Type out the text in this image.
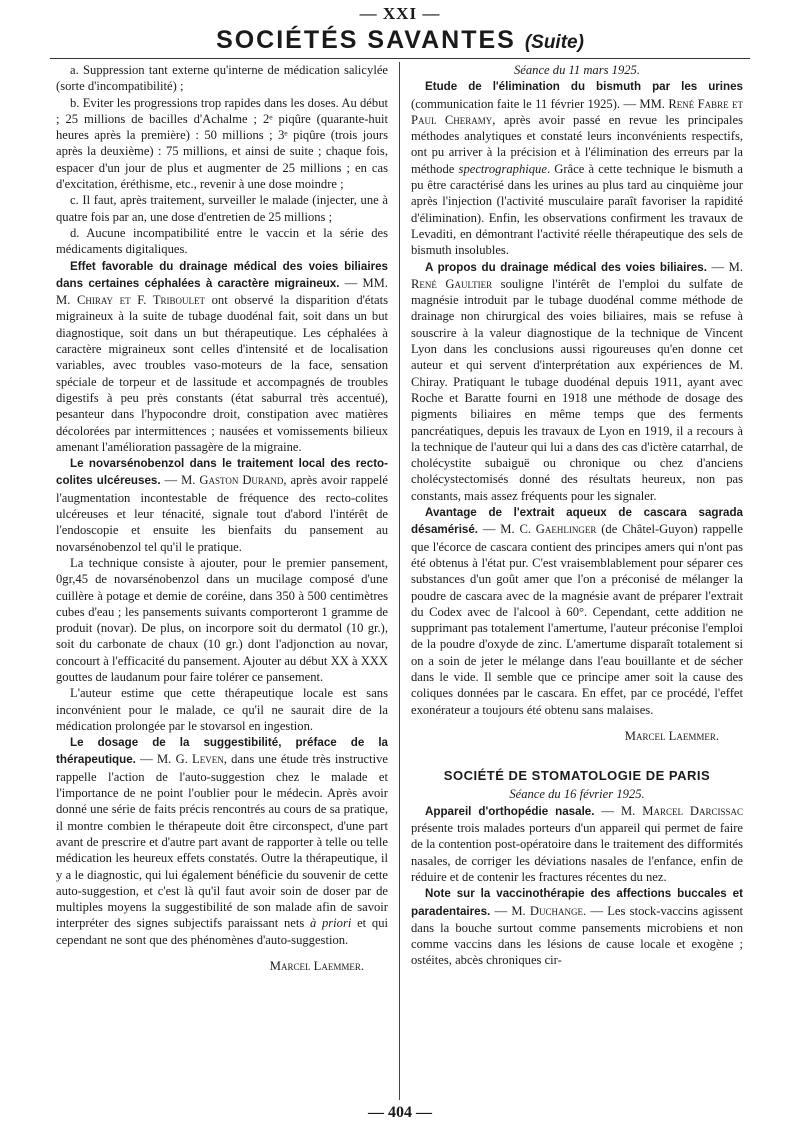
— XXI —
SOCIÉTÉS SAVANTES (Suite)

a. Suppression tant externe qu'interne de médication salicylée (sorte d'incompatibilité) ;

b. Eviter les progressions trop rapides dans les doses. Au début ; 25 millions de bacilles d'Achalme ; 2ᵉ piqûre (quarante-huit heures après la première) : 50 millions ; 3ᵉ piqûre (trois jours après la deuxième) : 75 millions, et ainsi de suite ; chaque fois, espacer d'un jour de plus et augmenter de 25 millions ; en cas d'excitation, éréthisme, etc., revenir à une dose moindre ;

c. Il faut, après traitement, surveiller le malade (injecter, une à quatre fois par an, une dose d'entretien de 25 millions ;

d. Aucune incompatibilité entre le vaccin et la série des médicaments digitaliques.

Effet favorable du drainage médical des voies biliaires dans certaines céphalées à caractère migraineux. — MM. M. Chiray et F. Triboulet ont observé la disparition d'états migraineux à la suite de tubage duodénal fait, soit dans un but diagnostique, soit dans un but thérapeutique. Les céphalées à caractère migraineux sont celles d'intensité et de localisation variables, avec troubles vaso-moteurs de la face, sensation spéciale de torpeur et de lassitude et accompagnés de troubles digestifs à peu près constants (état saburral très accentué), pesanteur dans l'hypocondre droit, constipation avec matières décolorées par intermittences ; nausées et vomissements bilieux amenant l'amélioration passagère de la migraine.

Le novarsénobenzol dans le traitement local des recto-colites ulcéreuses. — M. Gaston Durand, après avoir rappelé l'augmentation incontestable de fréquence des recto-colites ulcéreuses et leur ténacité, signale tout d'abord l'intérêt de l'endoscopie et ensuite les bienfaits du pansement au novarsénobenzol tel qu'il le pratique.

La technique consiste à ajouter, pour le premier pansement, 0gr,45 de novarsénobenzol dans un mucilage composé d'une cuillère à potage et demie de coréine, dans 350 à 500 centimètres cubes d'eau ; les pansements suivants comporteront 1 gramme de produit (novar). De plus, on incorpore soit du dermatol (10 gr.), soit du carbonate de chaux (10 gr.) dont l'adjonction au novar, concourt à l'efficacité du pansement. Ajouter au début XX à XXX gouttes de laudanum pour faire tolérer ce pansement.

L'auteur estime que cette thérapeutique locale est sans inconvénient pour le malade, ce qu'il ne saurait dire de la médication prolongée par le stovarsol en ingestion.

Le dosage de la suggestibilité, préface de la thérapeutique. — M. G. Leven, dans une étude très instructive rappelle l'action de l'auto-suggestion chez le malade et l'importance de ne point l'oublier pour le médecin. Après avoir donné une série de faits précis rencontrés au cours de sa pratique, il montre combien le thérapeute doit être circonspect, d'une part avant de prescrire et d'autre part avant de rapporter à telle ou telle médication les heureux effets constatés. Outre la thérapeutique, il y a le diagnostic, qui lui également bénéficie du souvenir de cette auto-suggestion, et c'est là qu'il faut avoir soin de doser par de multiples moyens la suggestibilité de son malade afin de savoir interpréter des signes subjectifs paraissant nets à priori et qui cependant ne sont que des phénomènes d'auto-suggestion.

Marcel Laemmer.

Séance du 11 mars 1925.

Etude de l'élimination du bismuth par les urines (communication faite le 11 février 1925). — MM. René Fabre et Paul Cheramy, après avoir passé en revue les principales méthodes analytiques et constaté leurs inconvénients respectifs, ont pu arriver à la précision et à l'élimination des erreurs par la méthode spectrographique. Grâce à cette technique le bismuth a pu être caractérisé dans les urines au plus tard au cinquième jour après l'injection (l'activité musculaire paraît favoriser la rapidité d'élimination). Enfin, les observations confirment les travaux de Levaditi, en démontrant l'activité réelle thérapeutique des sels de bismuth insolubles.

A propos du drainage médical des voies biliaires. — M. René Gaultier souligne l'intérêt de l'emploi du sulfate de magnésie introduit par le tubage duodénal comme méthode de drainage non chirurgical des voies biliaires, mais se refuse à souscrire à la valeur diagnostique de la technique de Vincent Lyon dans les conclusions aussi rigoureuses qu'en donne cet auteur et qui servent d'interprétation aux expériences de M. Chiray. Pratiquant le tubage duodénal depuis 1911, ayant avec Roche et Baratte fourni en 1918 une méthode de dosage des pigments biliaires en même temps que des ferments pancréatiques, depuis les travaux de Lyon en 1919, il a recours à la technique de l'auteur qui lui a dans des cas d'ictère catarrhal, de cholécystite subaiguë ou chronique ou chez d'anciens cholécystectomisés donné des résultats heureux, non pas constants, mais assez fréquents pour les signaler.

Avantage de l'extrait aqueux de cascara sagrada désamérisé. — M. C. Gaehlinger (de Châtel-Guyon) rappelle que l'écorce de cascara contient des principes amers qui n'ont pas été obtenus à l'état pur. C'est vraisemblablement pour séparer ces substances d'un goût amer que l'on a préconisé de mélanger la poudre de cascara avec de la magnésie avant de préparer l'extrait du Codex avec de l'alcool à 60°. Cependant, cette addition ne supprimant pas totalement l'amertume, l'auteur préconise l'emploi de la poudre d'oxyde de zinc. L'amertume disparaît totalement si on a soin de jeter le mélange dans l'eau bouillante et de sécher dans le vide. Il semble que ce principe amer soit la cause des coliques données par le cascara. En effet, par ce procédé, l'effet exonérateur a toujours été obtenu sans malaises.

Marcel Laemmer.

SOCIÉTÉ DE STOMATOLOGIE DE PARIS

Séance du 16 février 1925.

Appareil d'orthopédie nasale. — M. Marcel Darcissac présente trois malades porteurs d'un appareil qui permet de faire de la contention post-opératoire dans le traitement des difformités nasales, de corriger les déviations nasales de l'enfance, enfin de réduire et de contenir les fractures récentes du nez.

Note sur la vaccinothérapie des affections buccales et paradentaires. — M. Duchange. — Les stock-vaccins agissent dans la bouche surtout comme pansements microbiens et non comme vaccins dans les lésions de cause locale et exogène ; ostéites, abcès chroniques cir-

— 404 —
